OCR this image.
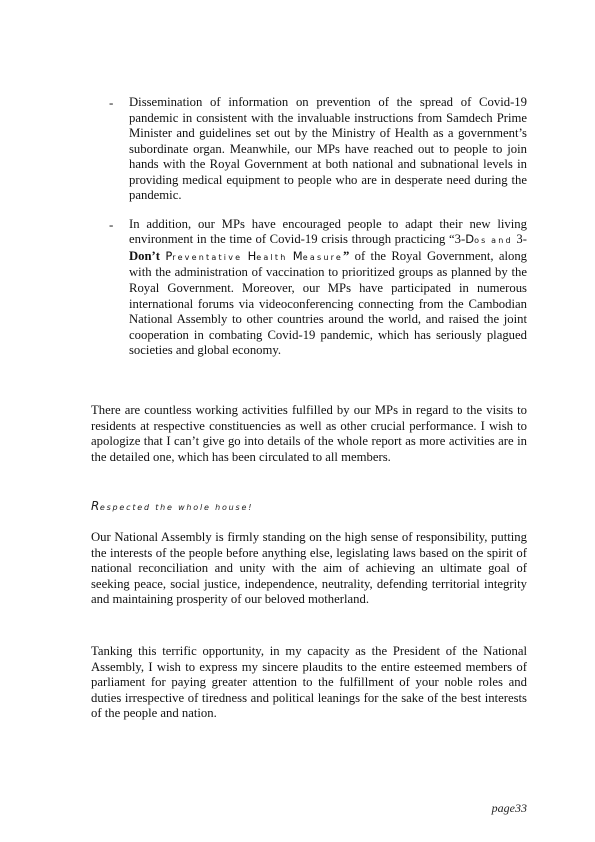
- Dissemination of information on prevention of the spread of Covid-19 pandemic in consistent with the invaluable instructions from Samdech Prime Minister and guidelines set out by the Ministry of Health as a government’s subordinate organ. Meanwhile, our MPs have reached out to people to join hands with the Royal Government at both national and subnational levels in providing medical equipment to people who are in desperate need during the pandemic.
- In addition, our MPs have encouraged people to adapt their new living environment in the time of Covid-19 crisis through practicing “3-Dos and 3-Don’t Preventative Health Measure” of the Royal Government, along with the administration of vaccination to prioritized groups as planned by the Royal Government. Moreover, our MPs have participated in numerous international forums via videoconferencing connecting from the Cambodian National Assembly to other countries around the world, and raised the joint cooperation in combating Covid-19 pandemic, which has seriously plagued societies and global economy.

There are countless working activities fulfilled by our MPs in regard to the visits to residents at respective constituencies as well as other crucial performance. I wish to apologize that I can’t give go into details of the whole report as more activities are in the detailed one, which has been circulated to all members.

Respected the whole house!

Our National Assembly is firmly standing on the high sense of responsibility, putting the interests of the people before anything else, legislating laws based on the spirit of national reconciliation and unity with the aim of achieving an ultimate goal of seeking peace, social justice, independence, neutrality, defending territorial integrity and maintaining prosperity of our beloved motherland.

Tanking this terrific opportunity, in my capacity as the President of the National Assembly, I wish to express my sincere plaudits to the entire esteemed members of parliament for paying greater attention to the fulfillment of your noble roles and duties irrespective of tiredness and political leanings for the sake of the best interests of the people and nation.

page33
